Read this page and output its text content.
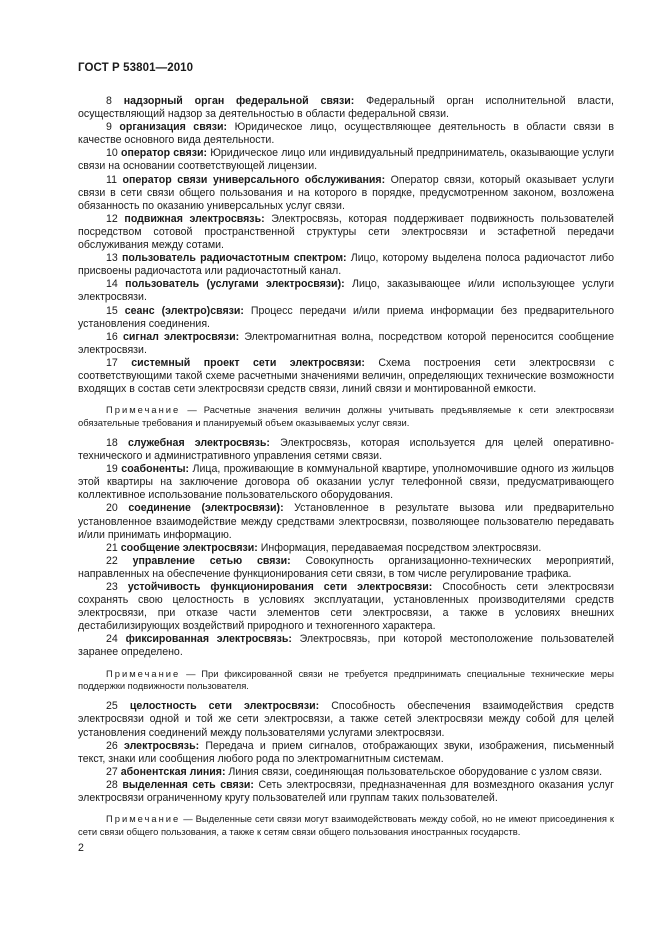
ГОСТ Р 53801—2010

8 надзорный орган федеральной связи: Федеральный орган исполнительной власти, осуществляющий надзор за деятельностью в области федеральной связи.

9 организация связи: Юридическое лицо, осуществляющее деятельность в области связи в качестве основного вида деятельности.

10 оператор связи: Юридическое лицо или индивидуальный предприниматель, оказывающие услуги связи на основании соответствующей лицензии.

11 оператор связи универсального обслуживания: Оператор связи, который оказывает услуги связи в сети связи общего пользования и на которого в порядке, предусмотренном законом, возложена обязанность по оказанию универсальных услуг связи.

12 подвижная электросвязь: Электросвязь, которая поддерживает подвижность пользователей посредством сотовой пространственной структуры сети электросвязи и эстафетной передачи обслуживания между сотами.

13 пользователь радиочастотным спектром: Лицо, которому выделена полоса радиочастот либо присвоены радиочастота или радиочастотный канал.

14 пользователь (услугами электросвязи): Лицо, заказывающее и/или использующее услуги электросвязи.

15 сеанс (электро)связи: Процесс передачи и/или приема информации без предварительного установления соединения.

16 сигнал электросвязи: Электромагнитная волна, посредством которой переносится сообщение электросвязи.

17 системный проект сети электросвязи: Схема построения сети электросвязи с соответствующими такой схеме расчетными значениями величин, определяющих технические возможности входящих в состав сети электросвязи средств связи, линий связи и монтированной емкости.

Примечание — Расчетные значения величин должны учитывать предъявляемые к сети электросвязи обязательные требования и планируемый объем оказываемых услуг связи.

18 служебная электросвязь: Электросвязь, которая используется для целей оперативно-технического и административного управления сетями связи.

19 соабоненты: Лица, проживающие в коммунальной квартире, уполномочившие одного из жильцов этой квартиры на заключение договора об оказании услуг телефонной связи, предусматривающего коллективное использование пользовательского оборудования.

20 соединение (электросвязи): Установленное в результате вызова или предварительно установленное взаимодействие между средствами электросвязи, позволяющее пользователю передавать и/или принимать информацию.

21 сообщение электросвязи: Информация, передаваемая посредством электросвязи.

22 управление сетью связи: Совокупность организационно-технических мероприятий, направленных на обеспечение функционирования сети связи, в том числе регулирование трафика.

23 устойчивость функционирования сети электросвязи: Способность сети электросвязи сохранять свою целостность в условиях эксплуатации, установленных производителями средств электросвязи, при отказе части элементов сети электросвязи, а также в условиях внешних дестабилизирующих воздействий природного и техногенного характера.

24 фиксированная электросвязь: Электросвязь, при которой местоположение пользователей заранее определено.

Примечание — При фиксированной связи не требуется предпринимать специальные технические меры поддержки подвижности пользователя.

25 целостность сети электросвязи: Способность обеспечения взаимодействия средств электросвязи одной и той же сети электросвязи, а также сетей электросвязи между собой для целей установления соединений между пользователями услугами электросвязи.

26 электросвязь: Передача и прием сигналов, отображающих звуки, изображения, письменный текст, знаки или сообщения любого рода по электромагнитным системам.

27 абонентская линия: Линия связи, соединяющая пользовательское оборудование с узлом связи.

28 выделенная сеть связи: Сеть электросвязи, предназначенная для возмездного оказания услуг электросвязи ограниченному кругу пользователей или группам таких пользователей.

Примечание — Выделенные сети связи могут взаимодействовать между собой, но не имеют присоединения к сети связи общего пользования, а также к сетям связи общего пользования иностранных государств.

2
